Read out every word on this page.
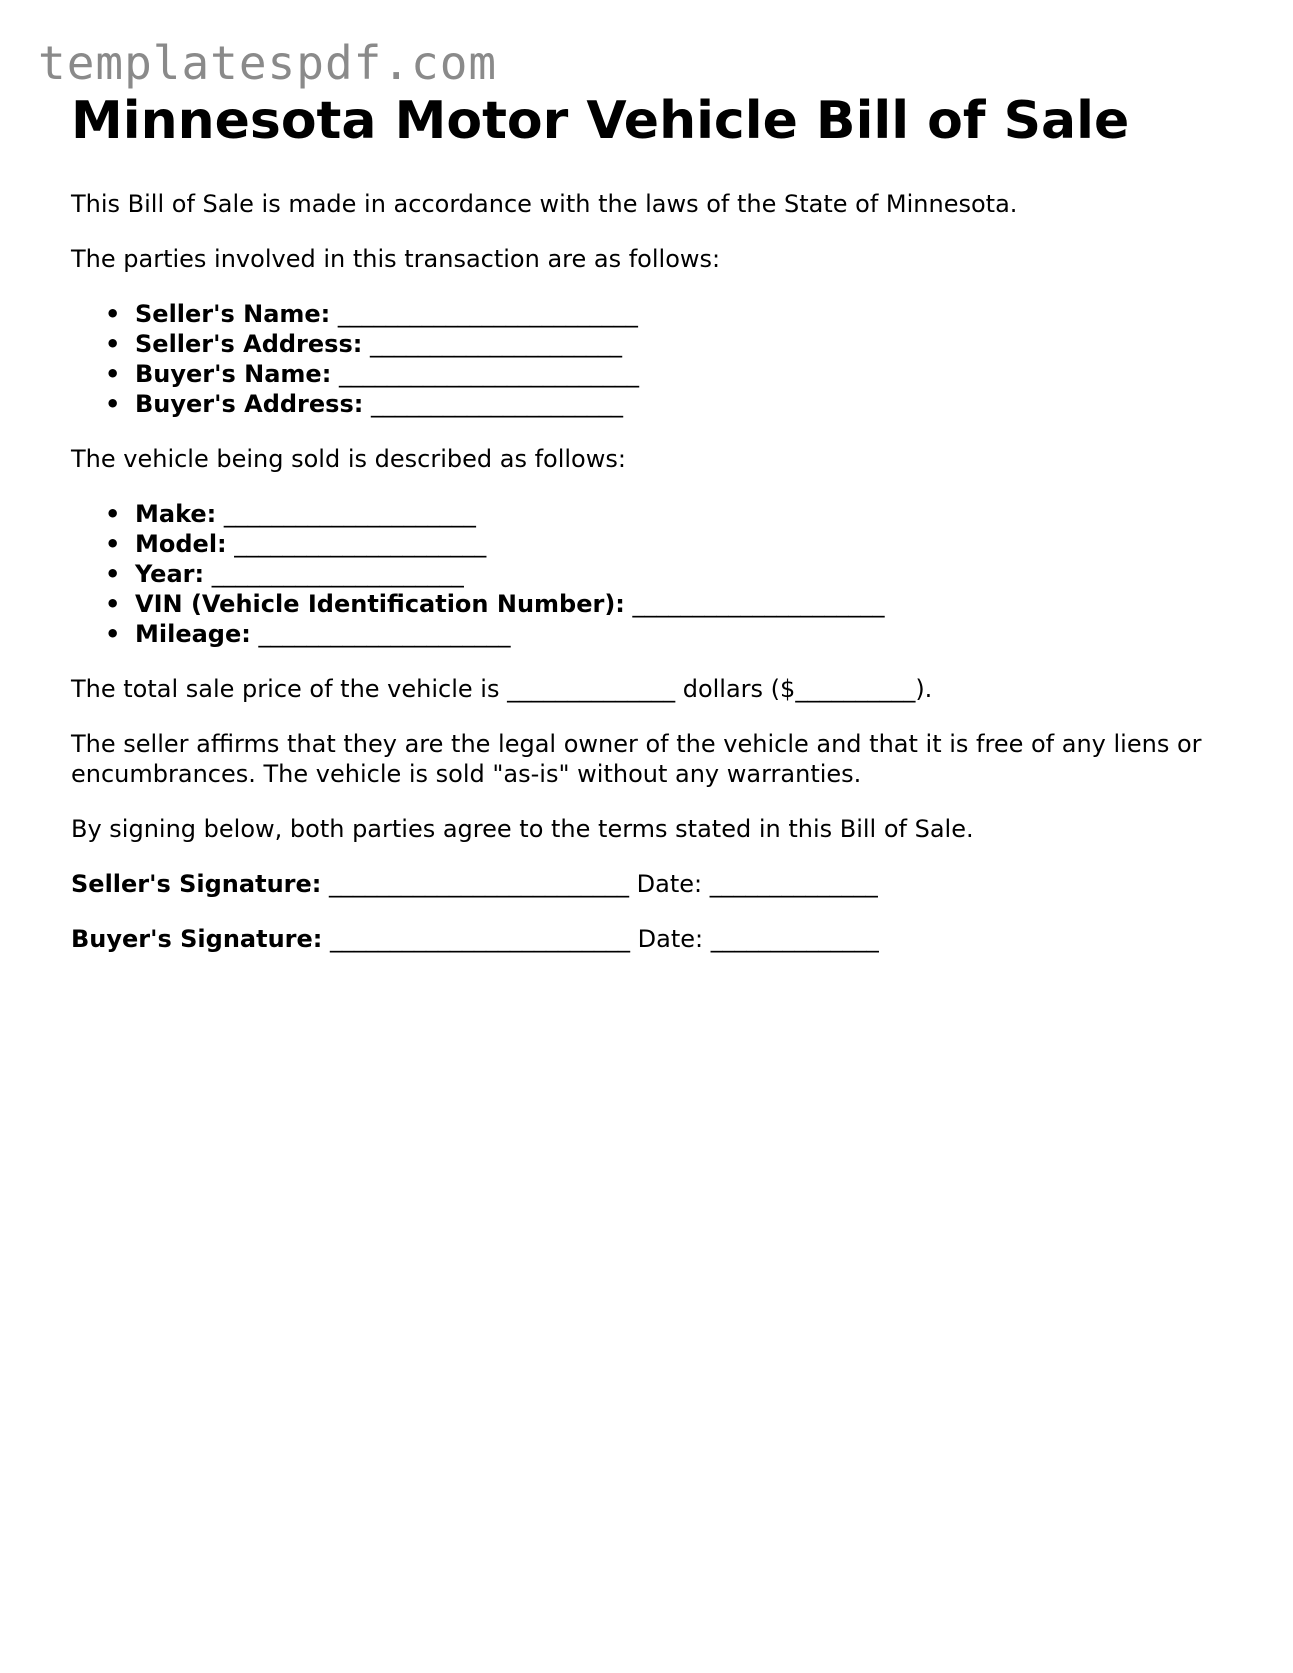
templatespdf.com
Minnesota Motor Vehicle Bill of Sale

This Bill of Sale is made in accordance with the laws of the State of Minnesota.

The parties involved in this transaction are as follows:

• Seller's Name: _________________________
• Seller's Address: _____________________
• Buyer's Name: _________________________
• Buyer's Address: _____________________

The vehicle being sold is described as follows:

• Make: _____________________
• Model: _____________________
• Year: _____________________
• VIN (Vehicle Identification Number): _____________________
• Mileage: _____________________

The total sale price of the vehicle is ______________ dollars ($__________).

The seller affirms that they are the legal owner of the vehicle and that it is free of any liens or encumbrances. The vehicle is sold "as-is" without any warranties.

By signing below, both parties agree to the terms stated in this Bill of Sale.

Seller's Signature: _________________________ Date: ______________
Buyer's Signature: _________________________ Date: ______________
